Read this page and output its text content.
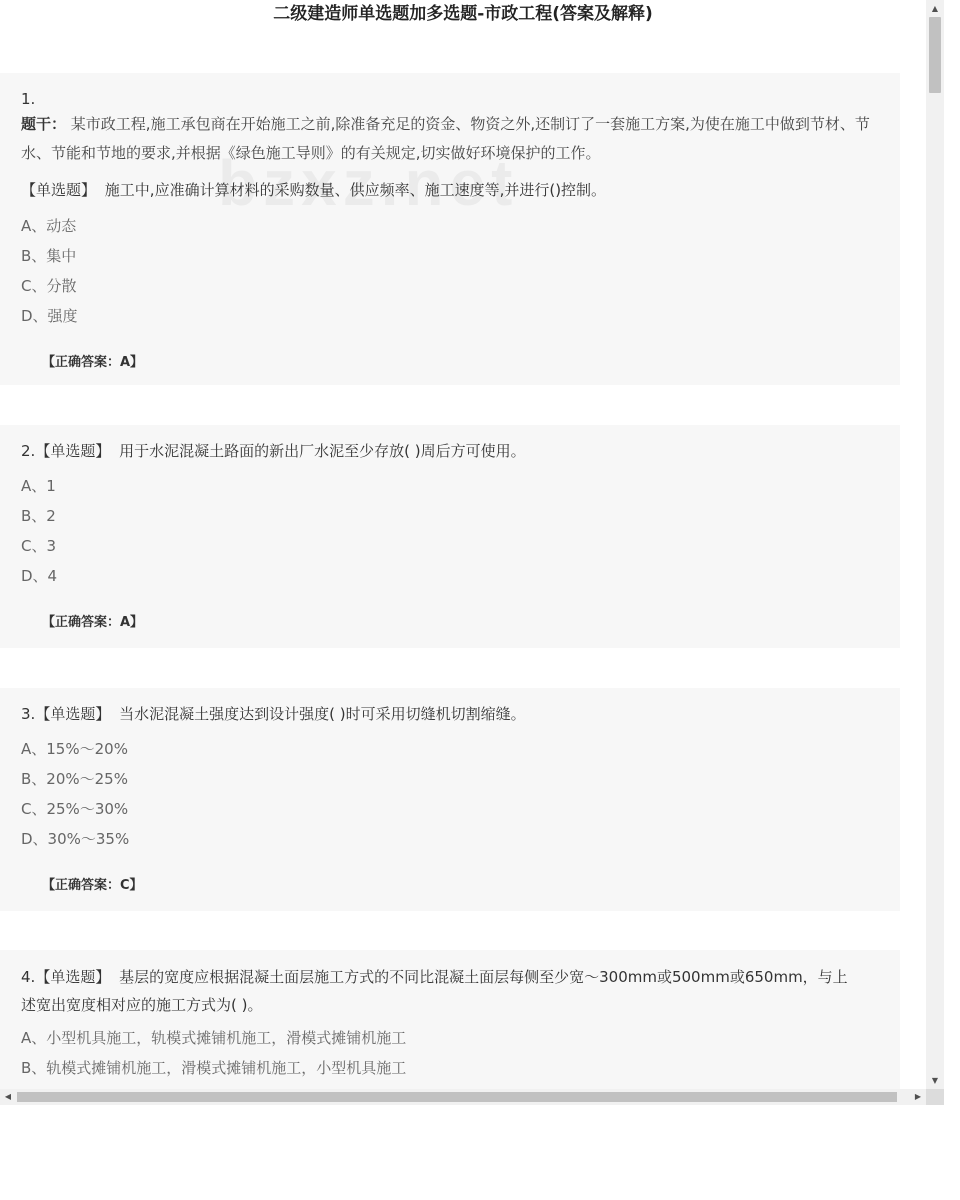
二级建造师单选题加多选题-市政工程(答案及解释)
1.
题干： 某市政工程,施工承包商在开始施工之前,除准备充足的资金、物资之外,还制订了一套施工方案,为使在施工中做到节材、节水、节能和节地的要求,并根据《绿色施工导则》的有关规定,切实做好环境保护的工作。
【单选题】 施工中,应准确计算材料的采购数量、供应频率、施工速度等,并进行()控制。
A、动态
B、集中
C、分散
D、强度
【正确答案：A】
2.【单选题】 用于水泥混凝土路面的新出厂水泥至少存放( )周后方可使用。
A、1
B、2
C、3
D、4
【正确答案：A】
3.【单选题】 当水泥混凝土强度达到设计强度( )时可采用切缝机切割缩缝。
A、15%～20%
B、20%～25%
C、25%～30%
D、30%～35%
【正确答案：C】
4.【单选题】 基层的宽度应根据混凝土面层施工方式的不同比混凝土面层每侧至少宽～300mm或500mm或650mm，与上
述宽出宽度相对应的施工方式为( )。
A、小型机具施工，轨模式摊铺机施工，滑模式摊铺机施工
B、轨模式摊铺机施工，滑模式摊铺机施工，小型机具施工
▲
▼
◀	▶
